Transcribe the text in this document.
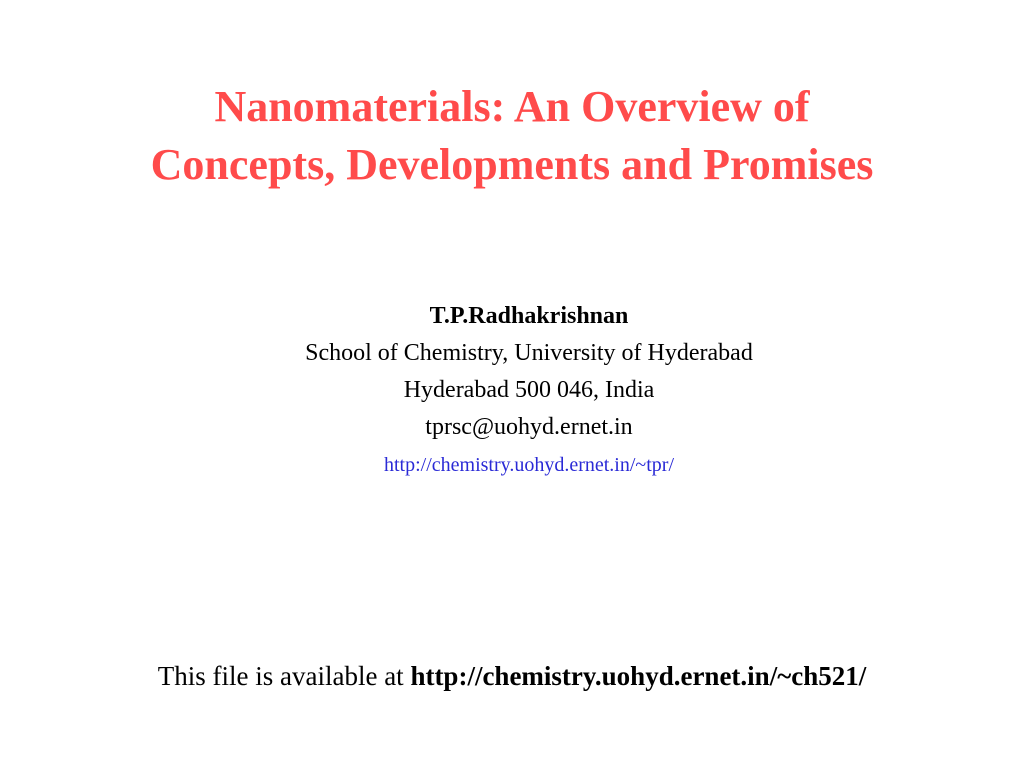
Nanomaterials: An Overview of
Concepts, Developments and Promises
T.P.Radhakrishnan
School of Chemistry, University of Hyderabad
Hyderabad 500 046, India
tprsc@uohyd.ernet.in
http://chemistry.uohyd.ernet.in/~tpr/
This file is available at http://chemistry.uohyd.ernet.in/~ch521/
